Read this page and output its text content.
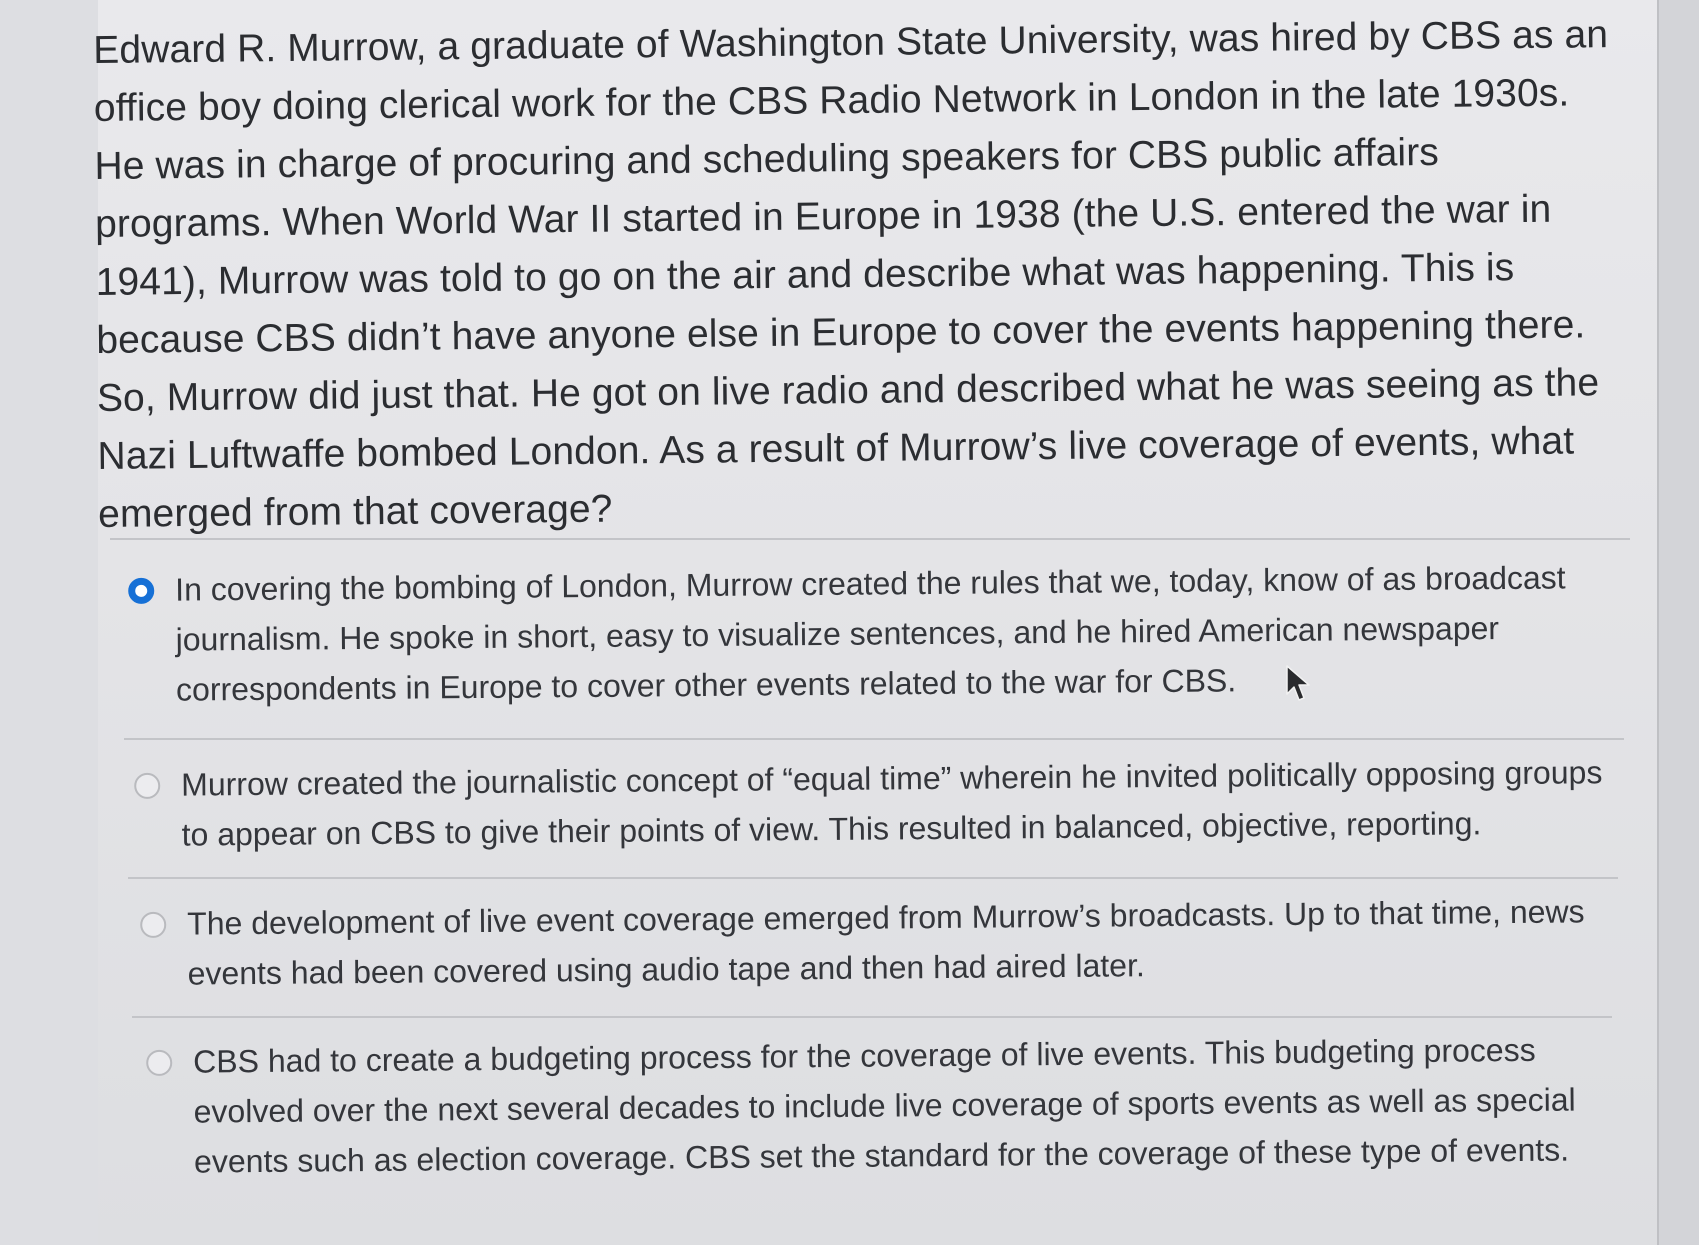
Edward R. Murrow, a graduate of Washington State University, was hired by CBS as an office boy doing clerical work for the CBS Radio Network in London in the late 1930s. He was in charge of procuring and scheduling speakers for CBS public affairs programs. When World War II started in Europe in 1938 (the U.S. entered the war in 1941), Murrow was told to go on the air and describe what was happening. This is because CBS didn’t have anyone else in Europe to cover the events happening there. So, Murrow did just that. He got on live radio and described what he was seeing as the Nazi Luftwaffe bombed London. As a result of Murrow’s live coverage of events, what emerged from that coverage?

In covering the bombing of London, Murrow created the rules that we, today, know of as broadcast journalism. He spoke in short, easy to visualize sentences, and he hired American newspaper correspondents in Europe to cover other events related to the war for CBS.
Murrow created the journalistic concept of “equal time” wherein he invited politically opposing groups to appear on CBS to give their points of view. This resulted in balanced, objective, reporting.
The development of live event coverage emerged from Murrow’s broadcasts. Up to that time, news events had been covered using audio tape and then had aired later.
CBS had to create a budgeting process for the coverage of live events. This budgeting process evolved over the next several decades to include live coverage of sports events as well as special events such as election coverage. CBS set the standard for the coverage of these type of events.
